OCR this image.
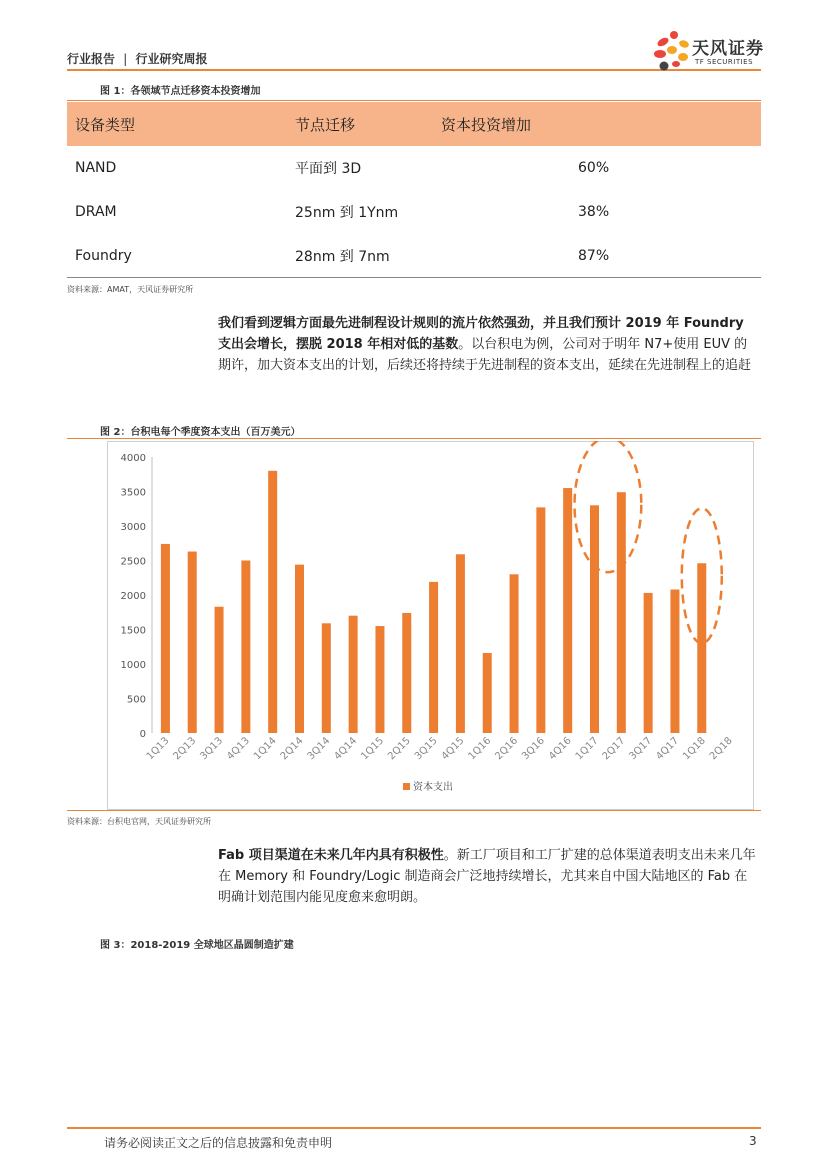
行业报告 | 行业研究周报	天风证券
TF SECURITIES
图 1：各领域节点迁移资本投资增加
设备类型	节点迁移	资本投资增加
NAND	平面到 3D	60%
DRAM	25nm 到 1Ynm	38%
Foundry	28nm 到 7nm	87%
资料来源：AMAT，天风证券研究所
我们看到逻辑方面最先进制程设计规则的流片依然强劲，并且我们预计 2019 年 Foundry 支出会增长，摆脱 2018 年相对低的基数。以台积电为例，公司对于明年 N7+使用 EUV 的期许，加大资本支出的计划，后续还将持续于先进制程的资本支出，延续在先进制程上的追赶
图 2：台积电每个季度资本支出（百万美元）
0
500
1000
1500
2000
2500
3000
3500
4000
1Q13 2Q13 3Q13 4Q13 1Q14 2Q14 3Q14 4Q14 1Q15 2Q15 3Q15 4Q15 1Q16 2Q16 3Q16 4Q16 1Q17 2Q17 3Q17 4Q17 1Q18 2Q18
资本支出
资料来源：台积电官网，天风证券研究所
Fab 项目渠道在未来几年内具有积极性。新工厂项目和工厂扩建的总体渠道表明支出未来几年在 Memory 和 Foundry/Logic 制造商会广泛地持续增长，尤其来自中国大陆地区的 Fab 在明确计划范围内能见度愈来愈明朗。
图 3：2018-2019 全球地区晶圆制造扩建
请务必阅读正文之后的信息披露和免责申明	3
